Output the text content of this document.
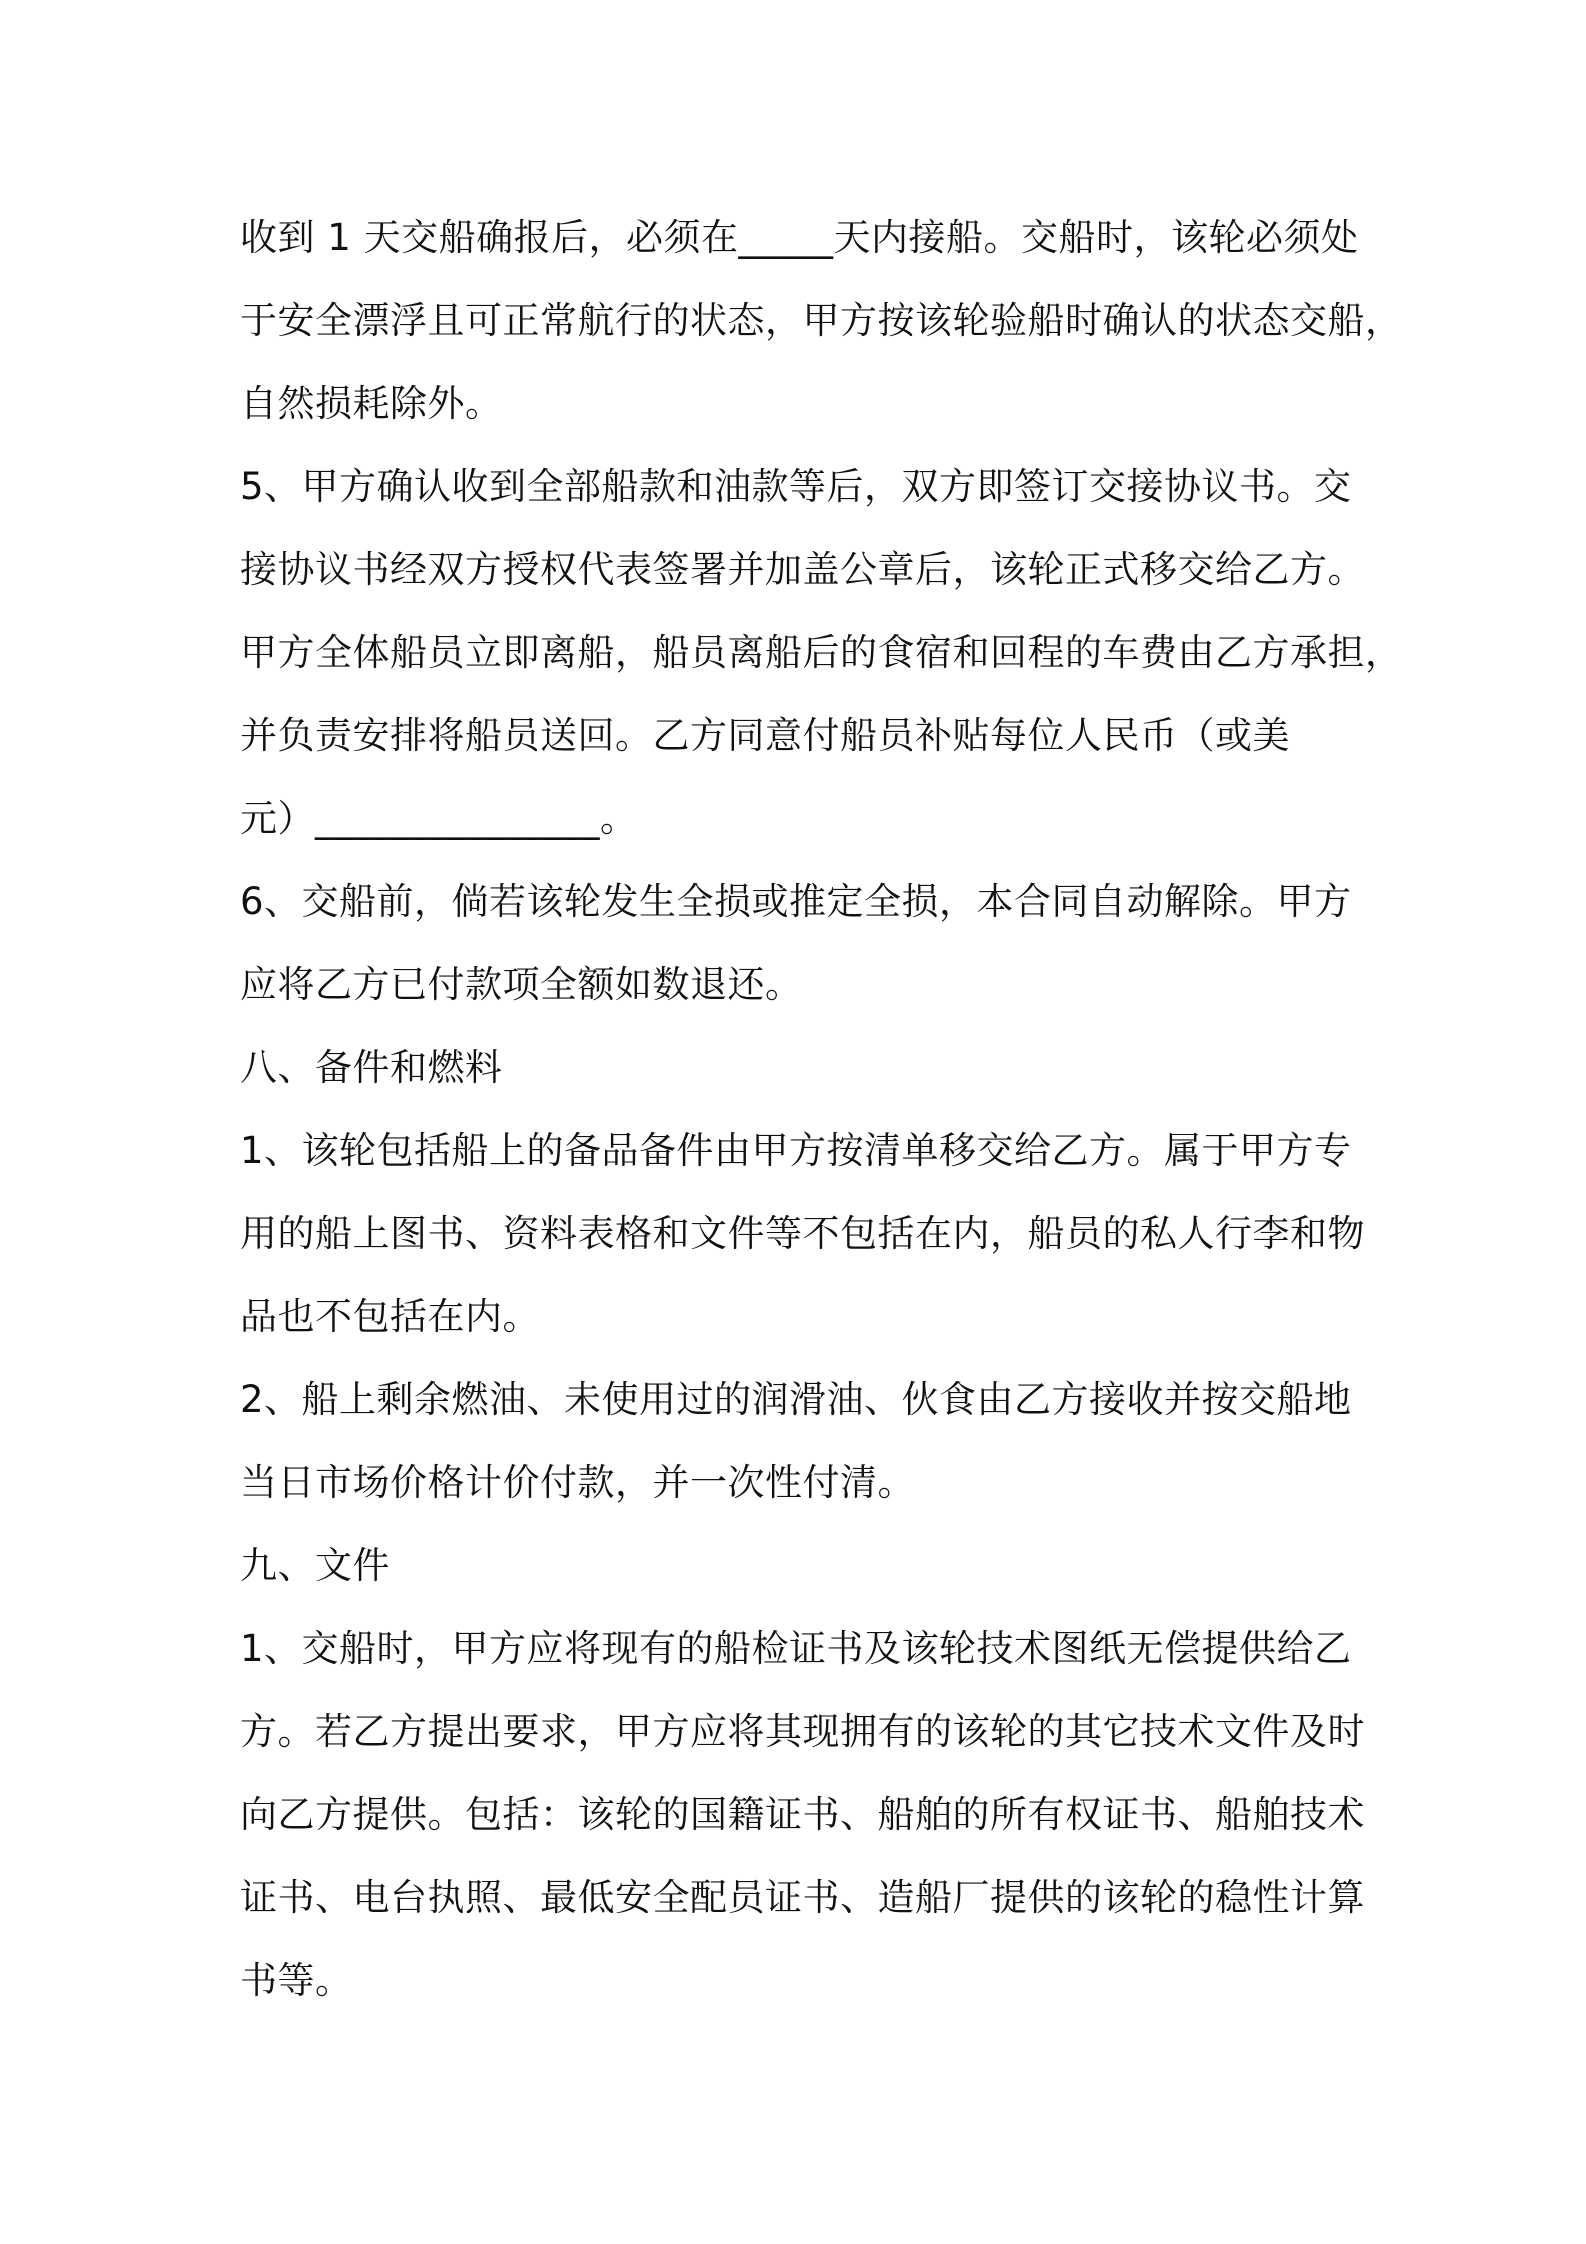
收到 1 天交船确报后，必须在_____天内接船。交船时，该轮必须处
于安全漂浮且可正常航行的状态，甲方按该轮验船时确认的状态交船，
自然损耗除外。
5、甲方确认收到全部船款和油款等后，双方即签订交接协议书。交
接协议书经双方授权代表签署并加盖公章后，该轮正式移交给乙方。
甲方全体船员立即离船，船员离船后的食宿和回程的车费由乙方承担，
并负责安排将船员送回。乙方同意付船员补贴每位人民币（或美
元）_______________。
6、交船前，倘若该轮发生全损或推定全损，本合同自动解除。甲方
应将乙方已付款项全额如数退还。
八、备件和燃料
1、该轮包括船上的备品备件由甲方按清单移交给乙方。属于甲方专
用的船上图书、资料表格和文件等不包括在内，船员的私人行李和物
品也不包括在内。
2、船上剩余燃油、未使用过的润滑油、伙食由乙方接收并按交船地
当日市场价格计价付款，并一次性付清。
九、文件
1、交船时，甲方应将现有的船检证书及该轮技术图纸无偿提供给乙
方。若乙方提出要求，甲方应将其现拥有的该轮的其它技术文件及时
向乙方提供。包括：该轮的国籍证书、船舶的所有权证书、船舶技术
证书、电台执照、最低安全配员证书、造船厂提供的该轮的稳性计算
书等。
